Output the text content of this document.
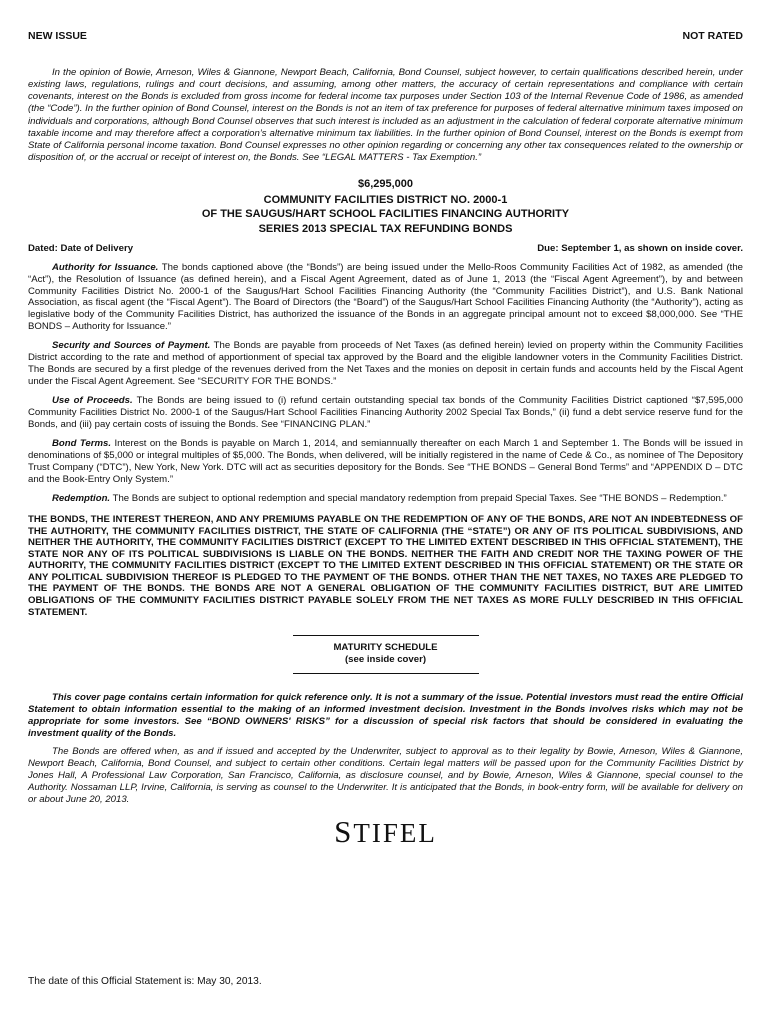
NEW ISSUE	NOT RATED

In the opinion of Bowie, Arneson, Wiles & Giannone, Newport Beach, California, Bond Counsel, subject however, to certain qualifications described herein, under existing laws, regulations, rulings and court decisions, and assuming, among other matters, the accuracy of certain representations and compliance with certain covenants, interest on the Bonds is excluded from gross income for federal income tax purposes under Section 103 of the Internal Revenue Code of 1986, as amended (the “Code”). In the further opinion of Bond Counsel, interest on the Bonds is not an item of tax preference for purposes of federal alternative minimum taxes imposed on individuals and corporations, although Bond Counsel observes that such interest is included as an adjustment in the calculation of federal corporate alternative minimum taxable income and may therefore affect a corporation’s alternative minimum tax liabilities. In the further opinion of Bond Counsel, interest on the Bonds is exempt from State of California personal income taxation. Bond Counsel expresses no other opinion regarding or concerning any other tax consequences related to the ownership or disposition of, or the accrual or receipt of interest on, the Bonds. See “LEGAL MATTERS - Tax Exemption.”

$6,295,000
COMMUNITY FACILITIES DISTRICT NO. 2000-1
OF THE SAUGUS/HART SCHOOL FACILITIES FINANCING AUTHORITY
SERIES 2013 SPECIAL TAX REFUNDING BONDS
Dated: Date of Delivery	Due: September 1, as shown on inside cover.

Authority for Issuance. The bonds captioned above (the “Bonds”) are being issued under the Mello-Roos Community Facilities Act of 1982, as amended (the “Act”), the Resolution of Issuance (as defined herein), and a Fiscal Agent Agreement, dated as of June 1, 2013 (the “Fiscal Agent Agreement”), by and between Community Facilities District No. 2000-1 of the Saugus/Hart School Facilities Financing Authority (the “Community Facilities District”), and U.S. Bank National Association, as fiscal agent (the “Fiscal Agent”). The Board of Directors (the “Board”) of the Saugus/Hart School Facilities Financing Authority (the “Authority”), acting as legislative body of the Community Facilities District, has authorized the issuance of the Bonds in an aggregate principal amount not to exceed $8,000,000. See “THE BONDS – Authority for Issuance.”

Security and Sources of Payment. The Bonds are payable from proceeds of Net Taxes (as defined herein) levied on property within the Community Facilities District according to the rate and method of apportionment of special tax approved by the Board and the eligible landowner voters in the Community Facilities District. The Bonds are secured by a first pledge of the revenues derived from the Net Taxes and the monies on deposit in certain funds and accounts held by the Fiscal Agent under the Fiscal Agent Agreement. See “SECURITY FOR THE BONDS.”

Use of Proceeds. The Bonds are being issued to (i) refund certain outstanding special tax bonds of the Community Facilities District captioned “$7,595,000 Community Facilities District No. 2000-1 of the Saugus/Hart School Facilities Financing Authority 2002 Special Tax Bonds,” (ii) fund a debt service reserve fund for the Bonds, and (iii) pay certain costs of issuing the Bonds. See “FINANCING PLAN.”

Bond Terms. Interest on the Bonds is payable on March 1, 2014, and semiannually thereafter on each March 1 and September 1. The Bonds will be issued in denominations of $5,000 or integral multiples of $5,000. The Bonds, when delivered, will be initially registered in the name of Cede & Co., as nominee of The Depository Trust Company (“DTC”), New York, New York. DTC will act as securities depository for the Bonds. See “THE BONDS – General Bond Terms” and “APPENDIX D – DTC and the Book-Entry Only System.”

Redemption. The Bonds are subject to optional redemption and special mandatory redemption from prepaid Special Taxes. See “THE BONDS – Redemption.”

THE BONDS, THE INTEREST THEREON, AND ANY PREMIUMS PAYABLE ON THE REDEMPTION OF ANY OF THE BONDS, ARE NOT AN INDEBTEDNESS OF THE AUTHORITY, THE COMMUNITY FACILITIES DISTRICT, THE STATE OF CALIFORNIA (THE “STATE”) OR ANY OF ITS POLITICAL SUBDIVISIONS, AND NEITHER THE AUTHORITY, THE COMMUNITY FACILITIES DISTRICT (EXCEPT TO THE LIMITED EXTENT DESCRIBED IN THIS OFFICIAL STATEMENT), THE STATE NOR ANY OF ITS POLITICAL SUBDIVISIONS IS LIABLE ON THE BONDS. NEITHER THE FAITH AND CREDIT NOR THE TAXING POWER OF THE AUTHORITY, THE COMMUNITY FACILITIES DISTRICT (EXCEPT TO THE LIMITED EXTENT DESCRIBED IN THIS OFFICIAL STATEMENT) OR THE STATE OR ANY POLITICAL SUBDIVISION THEREOF IS PLEDGED TO THE PAYMENT OF THE BONDS. OTHER THAN THE NET TAXES, NO TAXES ARE PLEDGED TO THE PAYMENT OF THE BONDS. THE BONDS ARE NOT A GENERAL OBLIGATION OF THE COMMUNITY FACILITIES DISTRICT, BUT ARE LIMITED OBLIGATIONS OF THE COMMUNITY FACILITIES DISTRICT PAYABLE SOLELY FROM THE NET TAXES AS MORE FULLY DESCRIBED IN THIS OFFICIAL STATEMENT.
MATURITY SCHEDULE
(see inside cover)

This cover page contains certain information for quick reference only. It is not a summary of the issue. Potential investors must read the entire Official Statement to obtain information essential to the making of an informed investment decision. Investment in the Bonds involves risks which may not be appropriate for some investors. See “BOND OWNERS' RISKS” for a discussion of special risk factors that should be considered in evaluating the investment quality of the Bonds.

The Bonds are offered when, as and if issued and accepted by the Underwriter, subject to approval as to their legality by Bowie, Arneson, Wiles & Giannone, Newport Beach, California, Bond Counsel, and subject to certain other conditions. Certain legal matters will be passed upon for the Community Facilities District by Jones Hall, A Professional Law Corporation, San Francisco, California, as disclosure counsel, and by Bowie, Arneson, Wiles & Giannone, special counsel to the Authority. Nossaman LLP, Irvine, California, is serving as counsel to the Underwriter. It is anticipated that the Bonds, in book-entry form, will be available for delivery on or about June 20, 2013.

STIFEL
The date of this Official Statement is: May 30, 2013.
